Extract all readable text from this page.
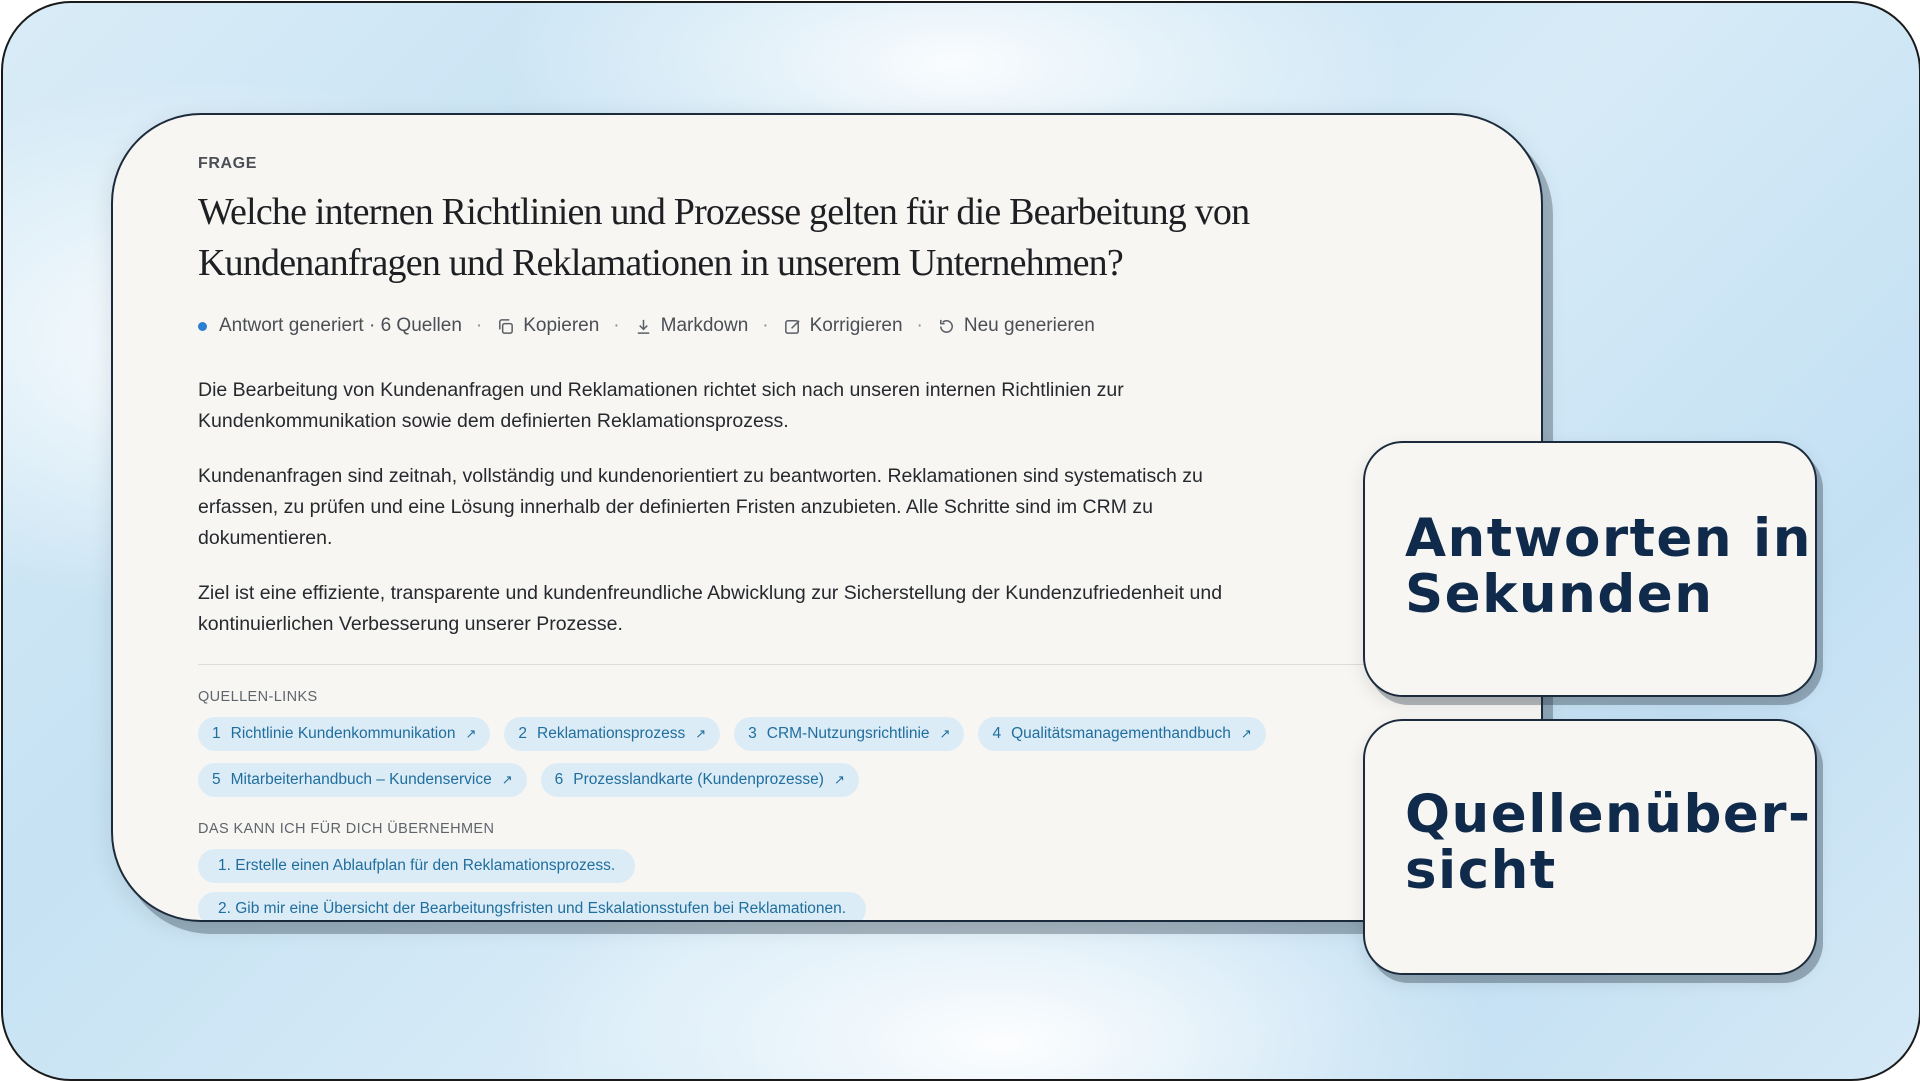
FRAGE
Welche internen Richtlinien und Prozesse gelten für die Bearbeitung von Kundenanfragen und Reklamationen in unserem Unternehmen?
Antwort generiert · 6 Quellen · Kopieren · Markdown · Korrigieren · Neu generieren

Die Bearbeitung von Kundenanfragen und Reklamationen richtet sich nach unseren internen Richtlinien zur Kundenkommunikation sowie dem definierten Reklamationsprozess.

Kundenanfragen sind zeitnah, vollständig und kundenorientiert zu beantworten. Reklamationen sind systematisch zu erfassen, zu prüfen und eine Lösung innerhalb der definierten Fristen anzubieten. Alle Schritte sind im CRM zu dokumentieren.

Ziel ist eine effiziente, transparente und kundenfreundliche Abwicklung zur Sicherstellung der Kundenzufriedenheit und kontinuierlichen Verbesserung unserer Prozesse.

QUELLEN-LINKS
1 Richtlinie Kundenkommunikation ↗	2 Reklamationsprozess ↗	3 CRM-Nutzungsrichtlinie ↗	4 Qualitätsmanagementhandbuch ↗
5 Mitarbeiterhandbuch – Kundenservice ↗	6 Prozesslandkarte (Kundenprozesse) ↗
DAS KANN ICH FÜR DICH ÜBERNEHMEN
1. Erstelle einen Ablaufplan für den Reklamationsprozess.
2. Gib mir eine Übersicht der Bearbeitungsfristen und Eskalationsstufen bei Reklamationen.
Antworten in
Sekunden
Quellenüber-
sicht
